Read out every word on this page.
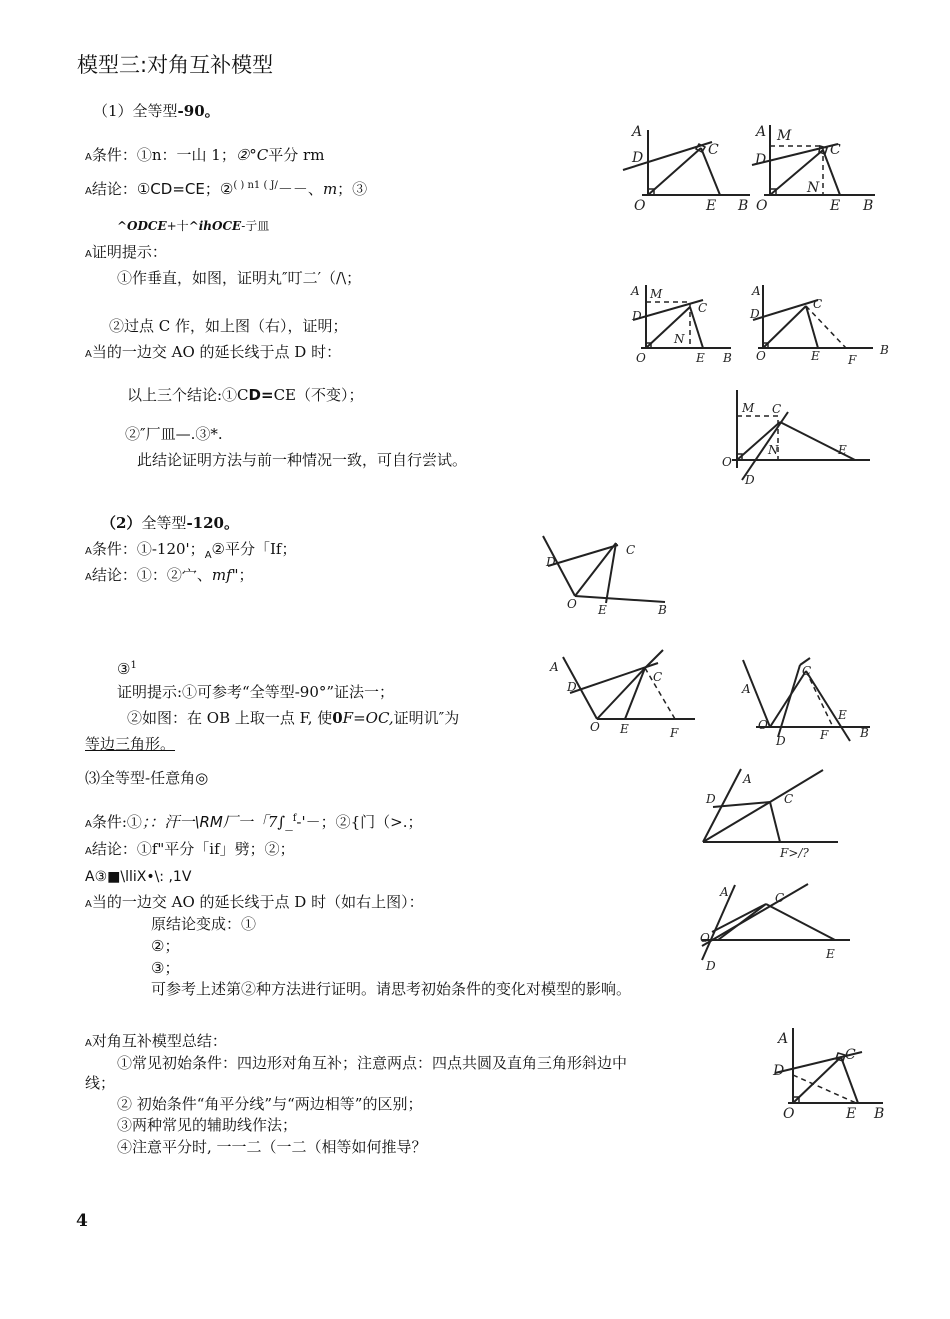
模型三:对角互补模型
（1）全等型-90。
A条件：①n：一山 1；②°C平分 rm
A结论：①CD=CE；②$^{( ) n1 ( J/}$－－、m；③
^ODCE+十^ihOCE-亍皿
A证明提示：
①作垂直，如图，证明丸″叮二′（/\；
②过点 C 作，如上图（右），证明；
A当的一边交 AO 的延长线于点 D 时：
以上三个结论:①CD=CE（不变）；
②″厂皿—.③*.
此结论证明方法与前一种情况一致，可自行尝试。
（2）全等型-120。
A条件：①-120'；$_A$②平分「If；
A结论：①：②宀、mf"；
③$^1$
证明提示:①可参考“全等型-90°”证法一；
②如图：在 OB 上取一点 F, 使0F=OC,证明讥″为
等边三角形。
⑶全等型-任意角◎
A条件:①；：汗一\RM厂一「7∫_$^f$-'－；②{门（>.；
A结论：①f"平分「if」劈；②；
A③■\lliX•\: ,1V
A当的一边交 AO 的延长线于点 D 时（如右上图）：
原结论变成：①
②；
③；
可参考上述第②种方法进行证明。请思考初始条件的变化对模型的影响。
A对角互补模型总结：
①常见初始条件：四边形对角互补；注意两点：四点共圆及直角三角形斜边中
线；
② 初始条件“角平分线”与“两边相等”的区别；
③两种常见的辅助线作法；
④注意平分时, 一一二（一二（相等如何推导？
4
A
D	C
O	E B
A M
D
C
N
O	E B
A M
D
C
N
O	E B
A
D
C
O	E F
B
M C
O
N	E
D
C
D
O E	B
A
D
C
O E	F
C
A
O
E
D	F	B
A
D	C
F>/?
A	C
O
D
E
A
C
D
O	E B
